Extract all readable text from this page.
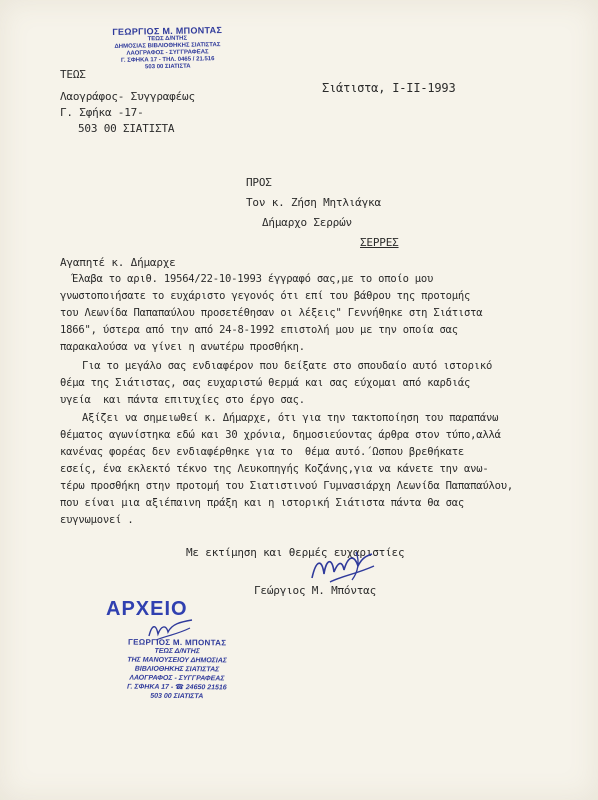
ΓΕΩΡΓΙΟΣ Μ. ΜΠΟΝΤΑΣ
ΤΕΩΣ Δ/ΝΤΗΣ
ΔΗΜΟΣΙΑΣ ΒΙΒΛΙΟΘΗΚΗΣ ΣΙΑΤΙΣΤΑΣ
ΛΑΟΓΡΑΦΟΣ - ΣΥΓΓΡΑΦΕΑΣ
Γ. ΣΦΗΚΑ 17 - ΤΗΛ. 0465 / 21.516
503 00 ΣΙΑΤΙΣΤΑ
ΤΕΩΣ
Λαογράφος- Συγγραφέως
Γ. Σφήκα -17-
503 00 ΣΙΑΤΙΣΤΑ
Σιάτιστα, I-II-1993
ΠΡΟΣ
Τον κ. Ζήση Μητλιάγκα
Δήμαρχο Σερρών
ΣΕΡΡΕΣ
Αγαπητέ κ. Δήμαρχε
Έλαβα το αριθ. 19564/22-10-1993 έγγραφό σας,με το οποίο μου
γνωστοποιήσατε το ευχάριστο γεγονός ότι επί του βάθρου της προτομής
του Λεωνίδα Παπαπαύλου προσετέθησαν οι λέξεις" Γεννήθηκε στη Σιάτιστα
1866", ύστερα από την από 24-8-1992 επιστολή μου με την οποία σας
παρακαλούσα να γίνει η ανωτέρω προσθήκη.
Για το μεγάλο σας ενδιαφέρον που δείξατε στο σπουδαίο αυτό ιστορικό
θέμα της Σιάτιστας, σας ευχαριστώ θερμά και σας εύχομαι από καρδιάς
υγεία  και πάντα επιτυχίες στο έργο σας.
Αξίζει να σημειωθεί κ. Δήμαρχε, ότι για την τακτοποίηση του παραπάνω
θέματος αγωνίστηκα εδώ και 30 χρόνια, δημοσιεύοντας άρθρα στον τύπο,αλλά
κανένας φορέας δεν ενδιαφέρθηκε για το  θέμα αυτό.΄Ωσπου βρεθήκατε
εσείς, ένα εκλεκτό τέκνο της Λευκοπηγής Κοζάνης,για να κάνετε την ανω-
τέρω προσθήκη στην προτομή του Σιατιστινού Γυμνασιάρχη Λεωνίδα Παπαπαύλου,
που είναι μια αξιέπαινη πράξη και η ιστορική Σιάτιστα πάντα θα σας
ευγνωμονεί .
Με εκτίμηση και θερμές ευχαριστίες
Γεώργιος Μ. Μπόντας
ΑΡΧΕΙΟ
ΓΕΩΡΓΙΟΣ Μ. ΜΠΟΝΤΑΣ
ΤΕΩΣ Δ/ΝΤΗΣ
ΤΗΣ ΜΑΝΟΥΣΕΙΟΥ ΔΗΜΟΣΙΑΣ
ΒΙΒΛΙΟΘΗΚΗΣ ΣΙΑΤΙΣΤΑΣ
ΛΑΟΓΡΑΦΟΣ - ΣΥΓΓΡΑΦΕΑΣ
Γ. ΣΦΗΚΑ 17 - ☎ 24650 21516
503 00 ΣΙΑΤΙΣΤΑ
